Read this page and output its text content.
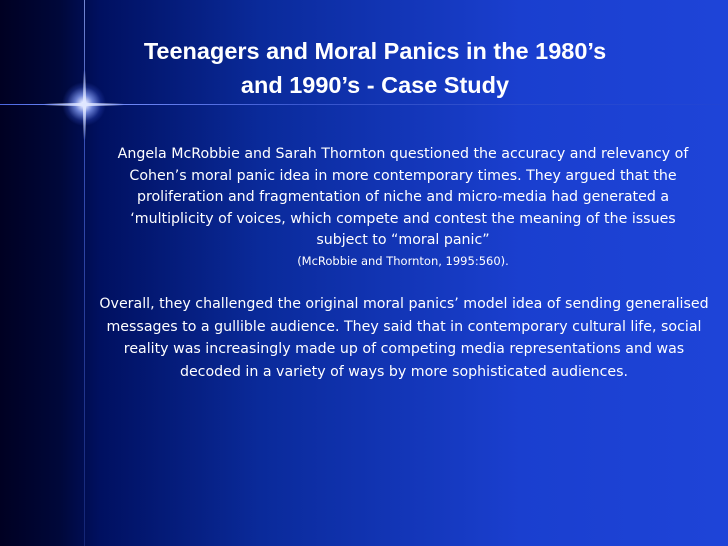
Teenagers and Moral Panics in the 1980’s
and 1990’s - Case Study
Angela McRobbie and Sarah Thornton questioned the accuracy and relevancy of Cohen’s moral panic idea in more contemporary times. They argued that the proliferation and fragmentation of niche and micro-media had generated a ‘multiplicity of voices, which compete and contest the meaning of the issues subject to “moral panic”
(McRobbie and Thornton, 1995:560).

Overall, they challenged the original moral panics’ model idea of sending generalised messages to a gullible audience. They said that in contemporary cultural life, social reality was increasingly made up of competing media representations and was decoded in a variety of ways by more sophisticated audiences.
